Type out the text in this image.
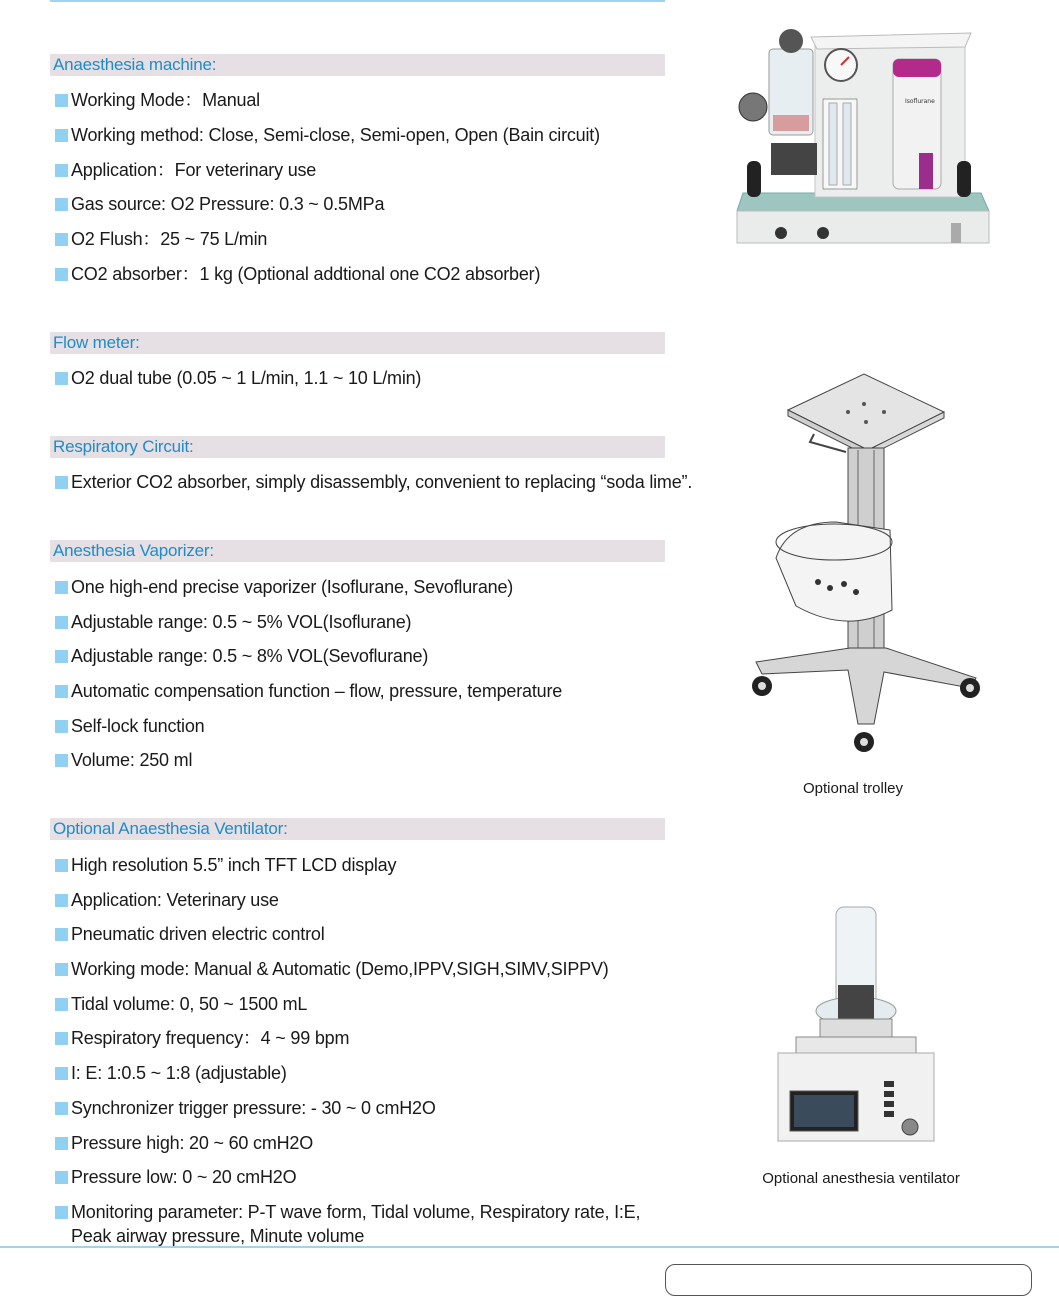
Anaesthesia machine:
Working Mode：Manual
Working method: Close, Semi-close, Semi-open, Open (Bain circuit)
Application：For veterinary use
Gas source: O2 Pressure: 0.3 ~ 0.5MPa
O2 Flush：25 ~ 75 L/min
CO2 absorber：1 kg (Optional addtional one CO2 absorber)
Flow meter:
O2 dual tube (0.05 ~ 1 L/min, 1.1 ~ 10 L/min)
Respiratory Circuit:
Exterior CO2 absorber, simply disassembly, convenient to replacing “soda lime”.
Anesthesia Vaporizer:
One high-end precise vaporizer (Isoflurane, Sevoflurane)
Adjustable range: 0.5 ~ 5% VOL(Isoflurane)
Adjustable range: 0.5 ~ 8% VOL(Sevoflurane)
Automatic compensation function – flow, pressure, temperature
Self-lock function
Volume: 250 ml
Optional Anaesthesia Ventilator:
High resolution 5.5” inch TFT LCD display
Application: Veterinary use
Pneumatic driven electric control
Working mode: Manual & Automatic (Demo,IPPV,SIGH,SIMV,SIPPV)
Tidal volume: 0, 50 ~ 1500 mL
Respiratory frequency：4 ~ 99 bpm
I: E: 1:0.5 ~ 1:8 (adjustable)
Synchronizer trigger pressure: - 30 ~ 0 cmH2O
Pressure high: 20 ~ 60 cmH2O
Pressure low: 0 ~ 20 cmH2O
Monitoring parameter: P-T wave form, Tidal volume, Respiratory rate, I:E,
Peak airway pressure, Minute volume
Isoflurane
Optional trolley
Optional anesthesia ventilator
